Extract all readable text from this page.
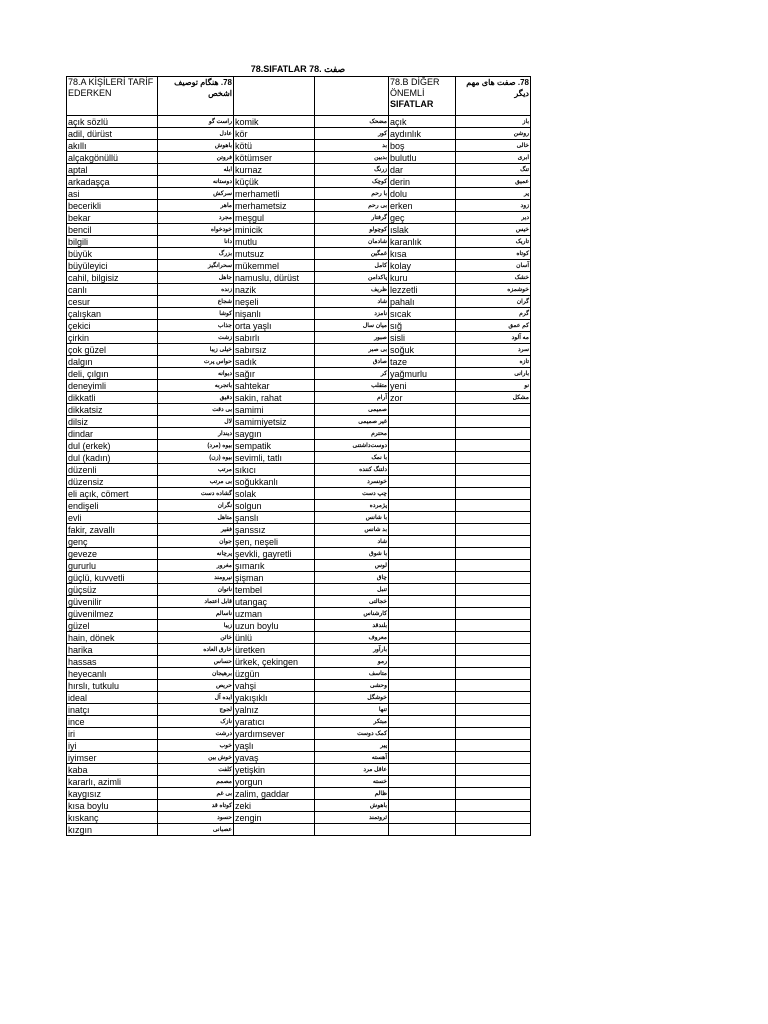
78.SIFATLAR 78. صفت
78.A KİŞİLERİ TARİF EDERKEN	78. هنگام توصیف اشخص			78.B DİĞER ÖNEMLİ
SIFATLAR	78. صفت های مهم دیگر
açık sözlü	راست گو	komik	مضحک	açık	باز
adil, dürüst	عادل	kör	کور	aydınlık	روشن
akıllı	باهوش	kötü	بد	boş	خالی
alçakgönüllü	فروتن	kötümser	بدبین	bulutlu	ابری
aptal	ابله	kurnaz	زرنگ	dar	تنگ
arkadaşça	دوستانه	küçük	کوچک	derin	عمیق
asi	سرکش	merhametli	با رحم	dolu	پر
becerikli	ماهر	merhametsiz	بی رحم	erken	زود
bekar	مجرد	meşgul	گرفتار	geç	دیر
bencil	خودخواه	minicik	کوچولو	ıslak	خیس
bilgili	دانا	mutlu	شادمان	karanlık	تاریک
büyük	بزرگ	mutsuz	غمگین	kısa	کوتاه
büyüleyici	سحرانگیز	mükemmel	کامل	kolay	آسان
cahil, bilgisiz	جاهل	namuslu, dürüst	پاکدامن	kuru	خشک
canlı	زنده	nazik	ظریف	lezzetli	خوشمزه
cesur	شجاع	neşeli	شاد	pahalı	گران
çalışkan	کوشا	nişanlı	نامزد	sıcak	گرم
çekici	جذاب	orta yaşlı	میان سال	sığ	کم عمق
çirkin	زشت	sabırlı	صبور	sisli	مه آلود
çok güzel	خیلی زیبا	sabırsız	بی صبر	soğuk	سرد
dalgın	حواس پرت	sadık	صادق	taze	تازه
deli, çılgın	دیوانه	sağır	کر	yağmurlu	بارانی
deneyimli	باتجربه	sahtekar	متقلب	yeni	نو
dikkatli	دقیق	sakin, rahat	آرام	zor	مشکل
dikkatsiz	بی دقت	samimi	صمیمی		
dilsiz	لال	samimiyetsiz	غیر صمیمی		
dindar	دیندار	saygın	محترم		
dul (erkek)	بیوه (مرد)	sempatik	دوست‌داشتنی		
dul (kadın)	بیوه (زن)	sevimli, tatlı	با نمک		
düzenli	مرتب	sıkıcı	دلتنگ کننده		
düzensiz	بی مرتب	soğukkanlı	خونسرد		
eli açık, cömert	گشاده دست	solak	چپ دست		
endişeli	نگران	solgun	پژمرده		
evli	متاهل	şanslı	با شانس		
fakir, zavallı	فقیر	şanssız	بد شانس		
genç	جوان	şen, neşeli	شاد		
geveze	پرچانه	şevkli, gayretli	با شوق		
gururlu	مغرور	şımarık	لوس		
güçlü, kuvvetli	نیرومند	şişman	چاق		
güçsüz	ناتوان	tembel	تنبل		
güvenilir	قابل اعتماد	utangaç	خجالتی		
güvenilmez	ناسالم	uzman	کارشناس		
güzel	زیبا	uzun boylu	بلندقد		
hain, dönek	خائن	ünlü	معروف		
harika	خارق العاده	üretken	بارآور		
hassas	حساس	ürkek, çekingen	رمو		
heyecanlı	برهیجان	üzgün	متاسف		
hırslı, tutkulu	حریص	vahşi	وحشی		
ideal	ایده آل	yakışıklı	خوشگل		
inatçı	لجوج	yalnız	تنها		
ince	نازک	yaratıcı	مبتکر		
iri	درشت	yardımsever	کمک دوست		
iyi	خوب	yaşlı	پیر		
iyimser	خوش بین	yavaş	آهسته		
kaba	کلفت	yetişkin	عاقل مرد		
kararlı, azimli	مصمم	yorgun	خسته		
kaygısız	بی غم	zalim, gaddar	ظالم		
kısa boylu	کوتاه قد	zeki	باهوش		
kıskanç	حسود	zengin	ثروتمند		
kızgın	عصبانی				
